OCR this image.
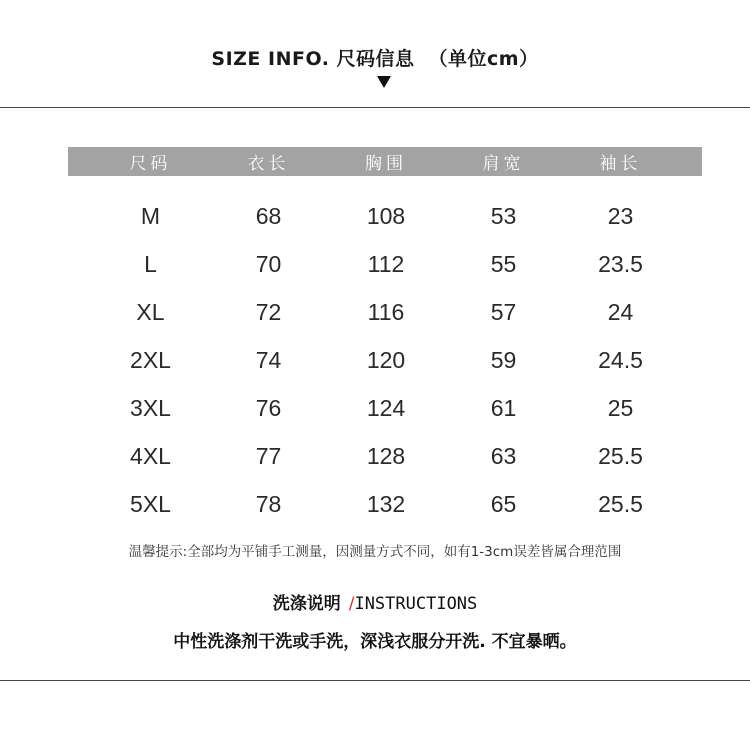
SIZE INFO. 尺码信息 （单位cm）
尺码	衣长	胸围	肩宽	袖长
M	68	108	53	23
L	70	112	55	23.5
XL	72	116	57	24
2XL	74	120	59	24.5
3XL	76	124	61	25
4XL	77	128	63	25.5
5XL	78	132	65	25.5
温馨提示:全部均为平铺手工测量，因测量方式不同，如有1-3cm误差皆属合理范围
洗涤说明 /INSTRUCTIONS
中性洗涤剂干洗或手洗，深浅衣服分开洗. 不宜暴晒。
